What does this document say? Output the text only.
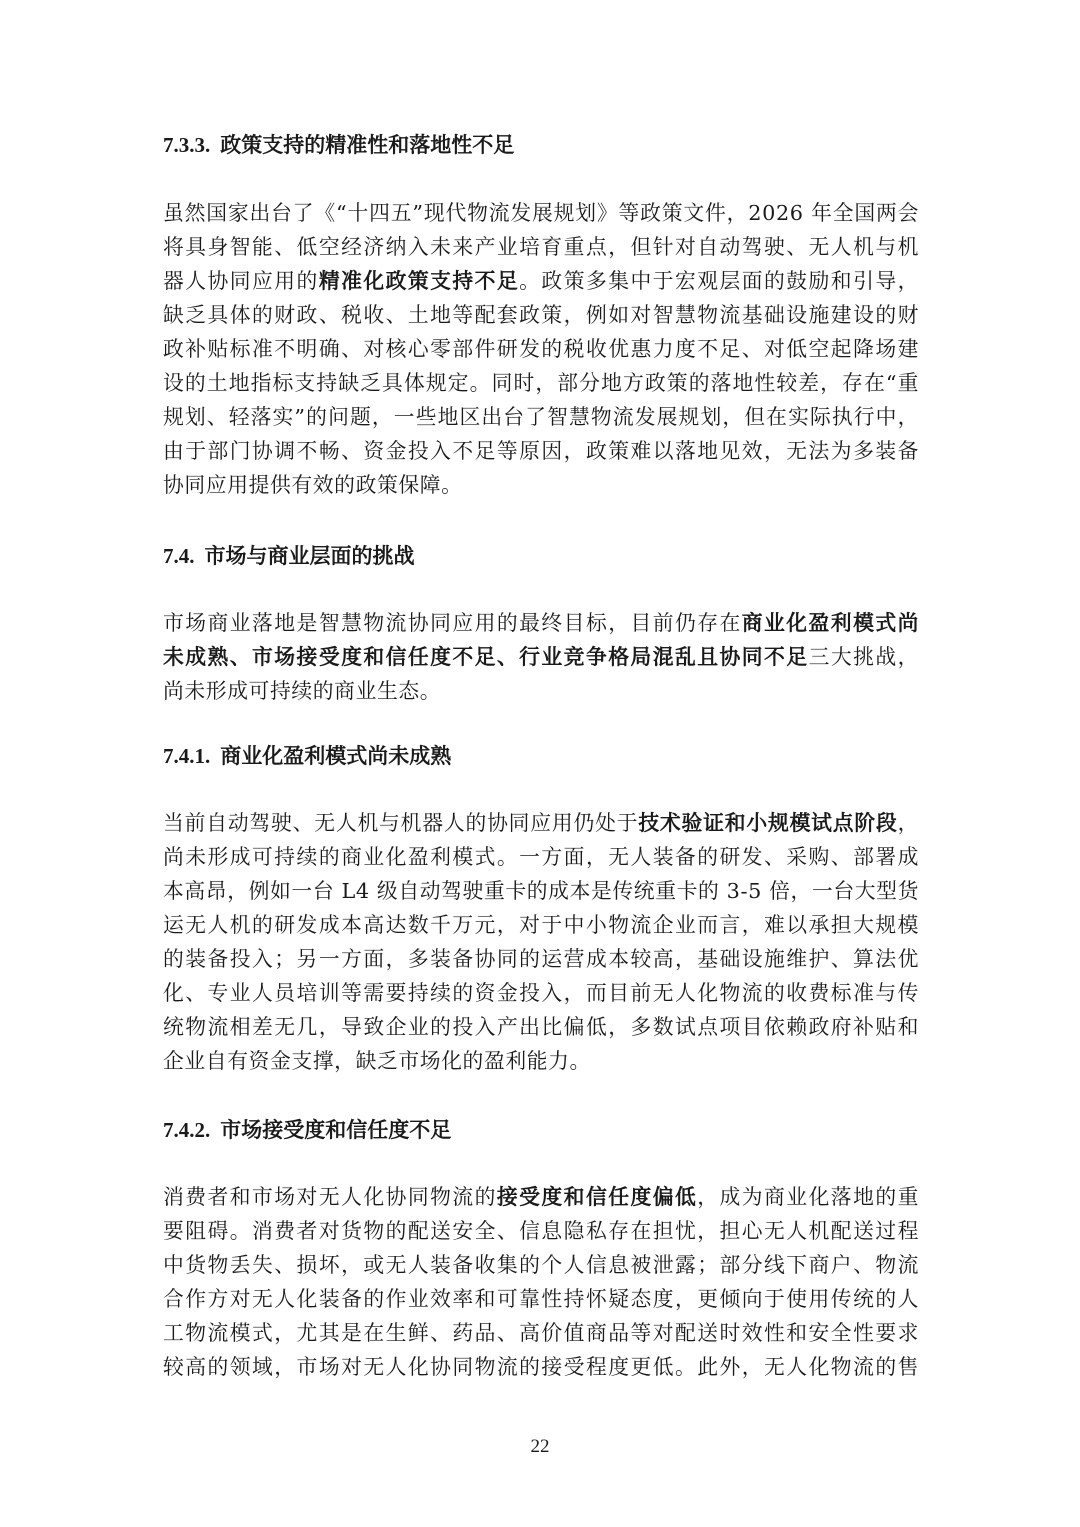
7.3.3. 政策支持的精准性和落地性不足
虽然国家出台了《“十四五”现代物流发展规划》等政策文件，2026 年全国两会
将具身智能、低空经济纳入未来产业培育重点，但针对自动驾驶、无人机与机
器人协同应用的精准化政策支持不足。政策多集中于宏观层面的鼓励和引导，
缺乏具体的财政、税收、土地等配套政策，例如对智慧物流基础设施建设的财
政补贴标准不明确、对核心零部件研发的税收优惠力度不足、对低空起降场建
设的土地指标支持缺乏具体规定。同时，部分地方政策的落地性较差，存在“重
规划、轻落实”的问题，一些地区出台了智慧物流发展规划，但在实际执行中，
由于部门协调不畅、资金投入不足等原因，政策难以落地见效，无法为多装备
协同应用提供有效的政策保障。
7.4. 市场与商业层面的挑战
市场商业落地是智慧物流协同应用的最终目标，目前仍存在商业化盈利模式尚
未成熟、市场接受度和信任度不足、行业竞争格局混乱且协同不足三大挑战，
尚未形成可持续的商业生态。
7.4.1. 商业化盈利模式尚未成熟
当前自动驾驶、无人机与机器人的协同应用仍处于技术验证和小规模试点阶段，
尚未形成可持续的商业化盈利模式。一方面，无人装备的研发、采购、部署成
本高昂，例如一台 L4 级自动驾驶重卡的成本是传统重卡的 3-5 倍，一台大型货
运无人机的研发成本高达数千万元，对于中小物流企业而言，难以承担大规模
的装备投入；另一方面，多装备协同的运营成本较高，基础设施维护、算法优
化、专业人员培训等需要持续的资金投入，而目前无人化物流的收费标准与传
统物流相差无几，导致企业的投入产出比偏低，多数试点项目依赖政府补贴和
企业自有资金支撑，缺乏市场化的盈利能力。
7.4.2. 市场接受度和信任度不足
消费者和市场对无人化协同物流的接受度和信任度偏低，成为商业化落地的重
要阻碍。消费者对货物的配送安全、信息隐私存在担忧，担心无人机配送过程
中货物丢失、损坏，或无人装备收集的个人信息被泄露；部分线下商户、物流
合作方对无人化装备的作业效率和可靠性持怀疑态度，更倾向于使用传统的人
工物流模式，尤其是在生鲜、药品、高价值商品等对配送时效性和安全性要求
较高的领域，市场对无人化协同物流的接受程度更低。此外，无人化物流的售
22
